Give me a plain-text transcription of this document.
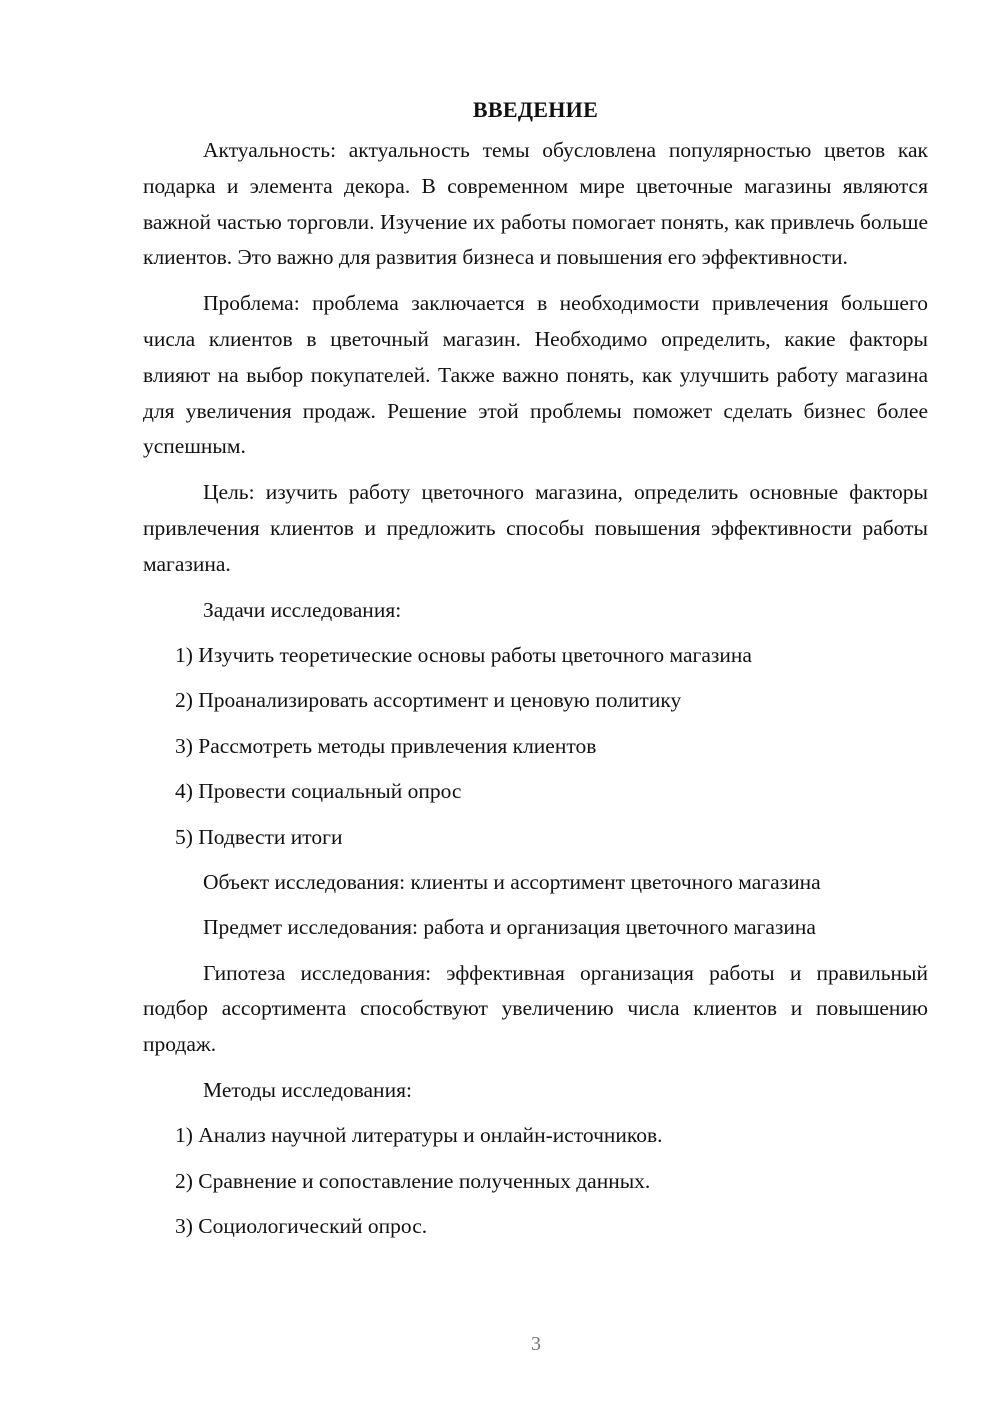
ВВЕДЕНИЕ

Актуальность: актуальность темы обусловлена популярностью цветов как подарка и элемента декора. В современном мире цветочные магазины являются важной частью торговли. Изучение их работы помогает понять, как привлечь больше клиентов. Это важно для развития бизнеса и повышения его эффективности.

Проблема: проблема заключается в необходимости привлечения большего числа клиентов в цветочный магазин. Необходимо определить, какие факторы влияют на выбор покупателей. Также важно понять, как улучшить работу магазина для увеличения продаж. Решение этой проблемы поможет сделать бизнес более успешным.

Цель: изучить работу цветочного магазина, определить основные факторы привлечения клиентов и предложить способы повышения эффективности работы магазина.

Задачи исследования:
1) Изучить теоретические основы работы цветочного магазина
2) Проанализировать ассортимент и ценовую политику
3) Рассмотреть методы привлечения клиентов
4) Провести социальный опрос
5) Подвести итоги
Объект исследования: клиенты и ассортимент цветочного магазина
Предмет исследования: работа и организация цветочного магазина

Гипотеза исследования: эффективная организация работы и правильный подбор ассортимента способствуют увеличению числа клиентов и повышению продаж.

Методы исследования:
1) Анализ научной литературы и онлайн-источников.
2) Сравнение и сопоставление полученных данных.
3) Социологический опрос.
3
